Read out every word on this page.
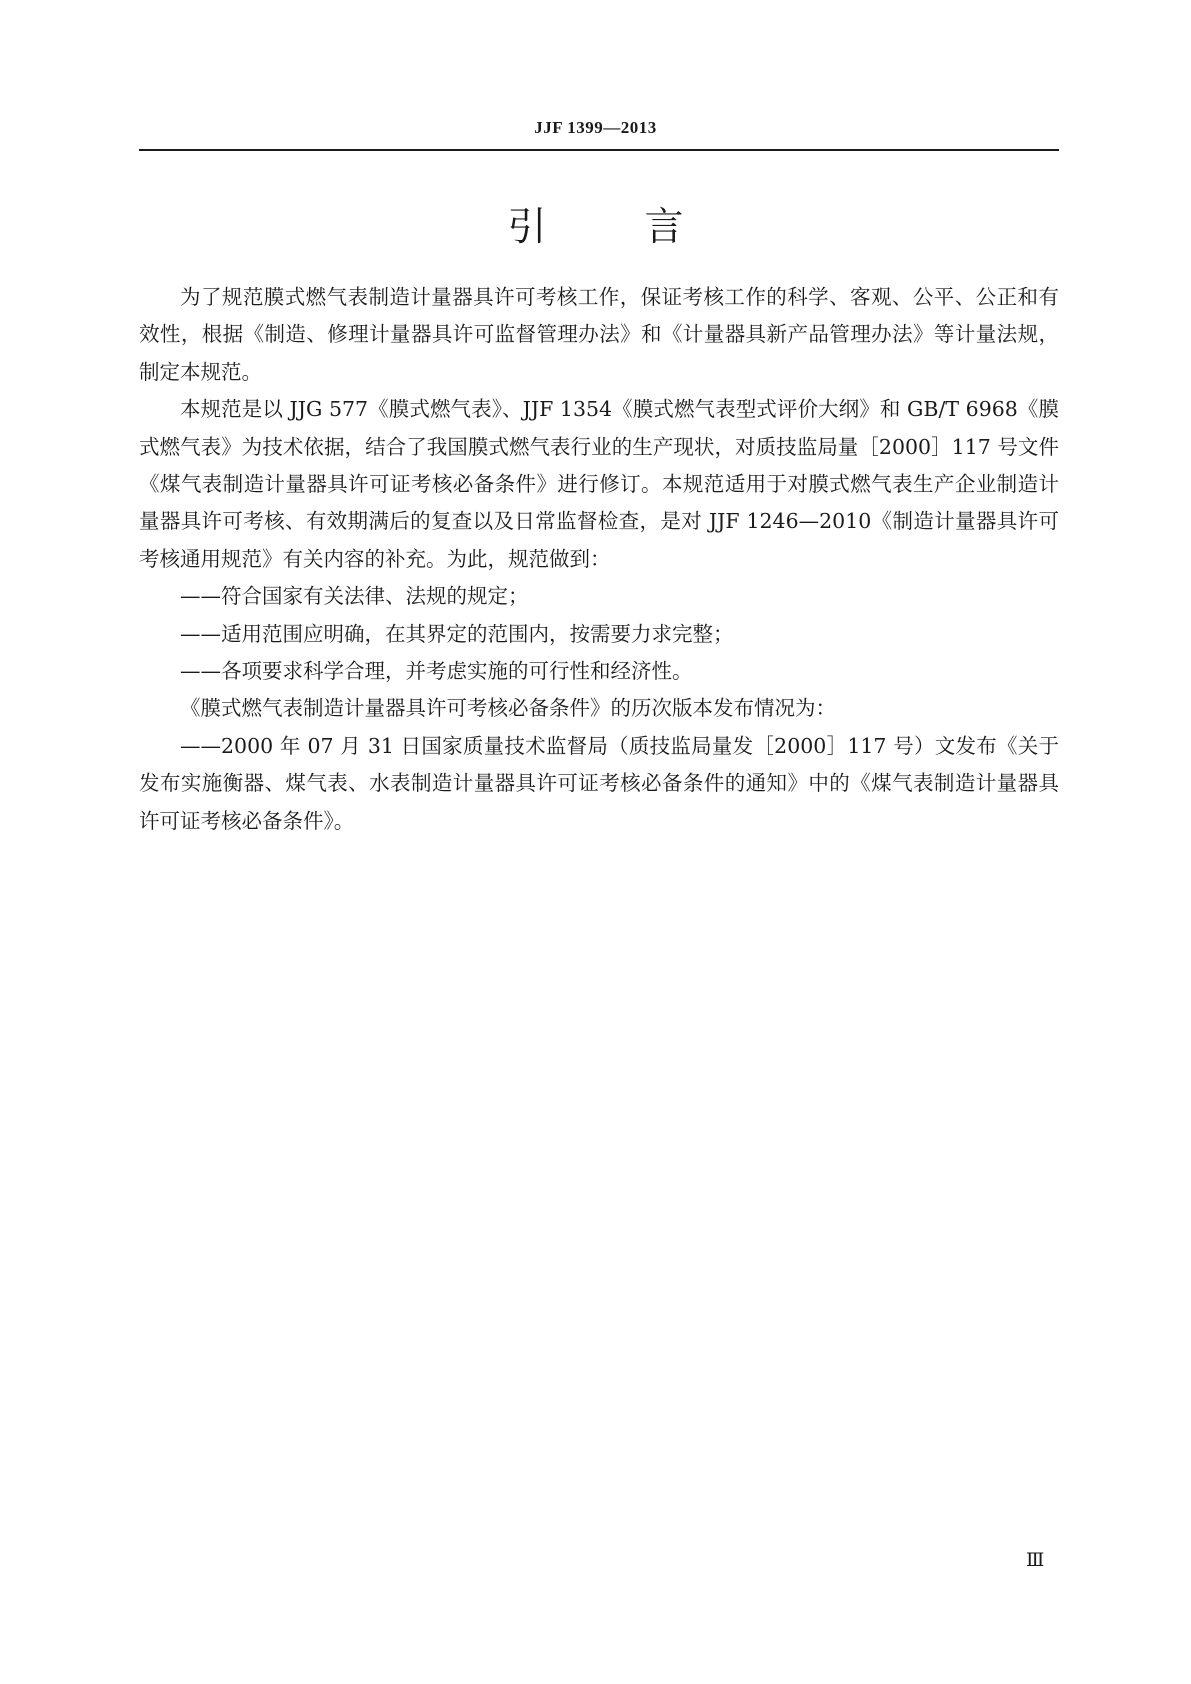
JJF 1399—2013
引言

为了规范膜式燃气表制造计量器具许可考核工作，保证考核工作的科学、客观、公平、公正和有效性，根据《制造、修理计量器具许可监督管理办法》和《计量器具新产品管理办法》等计量法规，制定本规范。

本规范是以 JJG 577《膜式燃气表》、JJF 1354《膜式燃气表型式评价大纲》和 GB/T 6968《膜式燃气表》为技术依据，结合了我国膜式燃气表行业的生产现状，对质技监局量［2000］117 号文件《煤气表制造计量器具许可证考核必备条件》进行修订。本规范适用于对膜式燃气表生产企业制造计量器具许可考核、有效期满后的复查以及日常监督检查，是对 JJF 1246—2010《制造计量器具许可考核通用规范》有关内容的补充。为此，规范做到：

——符合国家有关法律、法规的规定；

——适用范围应明确，在其界定的范围内，按需要力求完整；

——各项要求科学合理，并考虑实施的可行性和经济性。

《膜式燃气表制造计量器具许可考核必备条件》的历次版本发布情况为：

——2000 年 07 月 31 日国家质量技术监督局（质技监局量发［2000］117 号）文发布《关于发布实施衡器、煤气表、水表制造计量器具许可证考核必备条件的通知》中的《煤气表制造计量器具许可证考核必备条件》。

Ⅲ
